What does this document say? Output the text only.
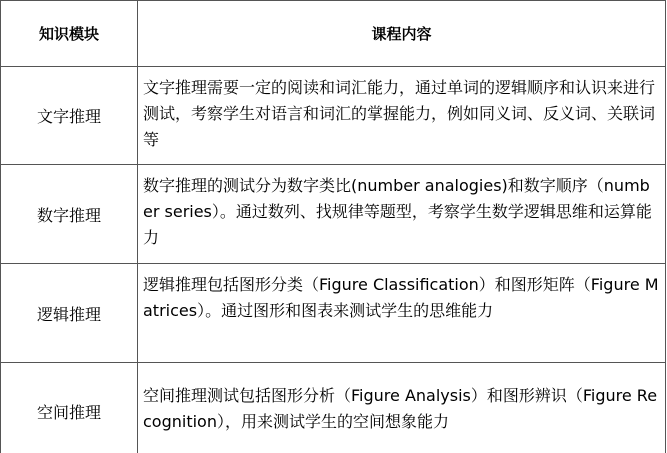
知识模块	课程内容
文字推理	文字推理需要一定的阅读和词汇能力，通过单词的逻辑顺序和认识来进行测试，考察学生对语言和词汇的掌握能力，例如同义词、反义词、关联词等
数字推理	数字推理的测试分为数字类比(number analogies)和数字顺序（number series）。通过数列、找规律等题型，考察学生数学逻辑思维和运算能力
逻辑推理	逻辑推理包括图形分类（Figure Classification）和图形矩阵（Figure Matrices）。通过图形和图表来测试学生的思维能力
空间推理	空间推理测试包括图形分析（Figure Analysis）和图形辨识（Figure Recognition），用来测试学生的空间想象能力
